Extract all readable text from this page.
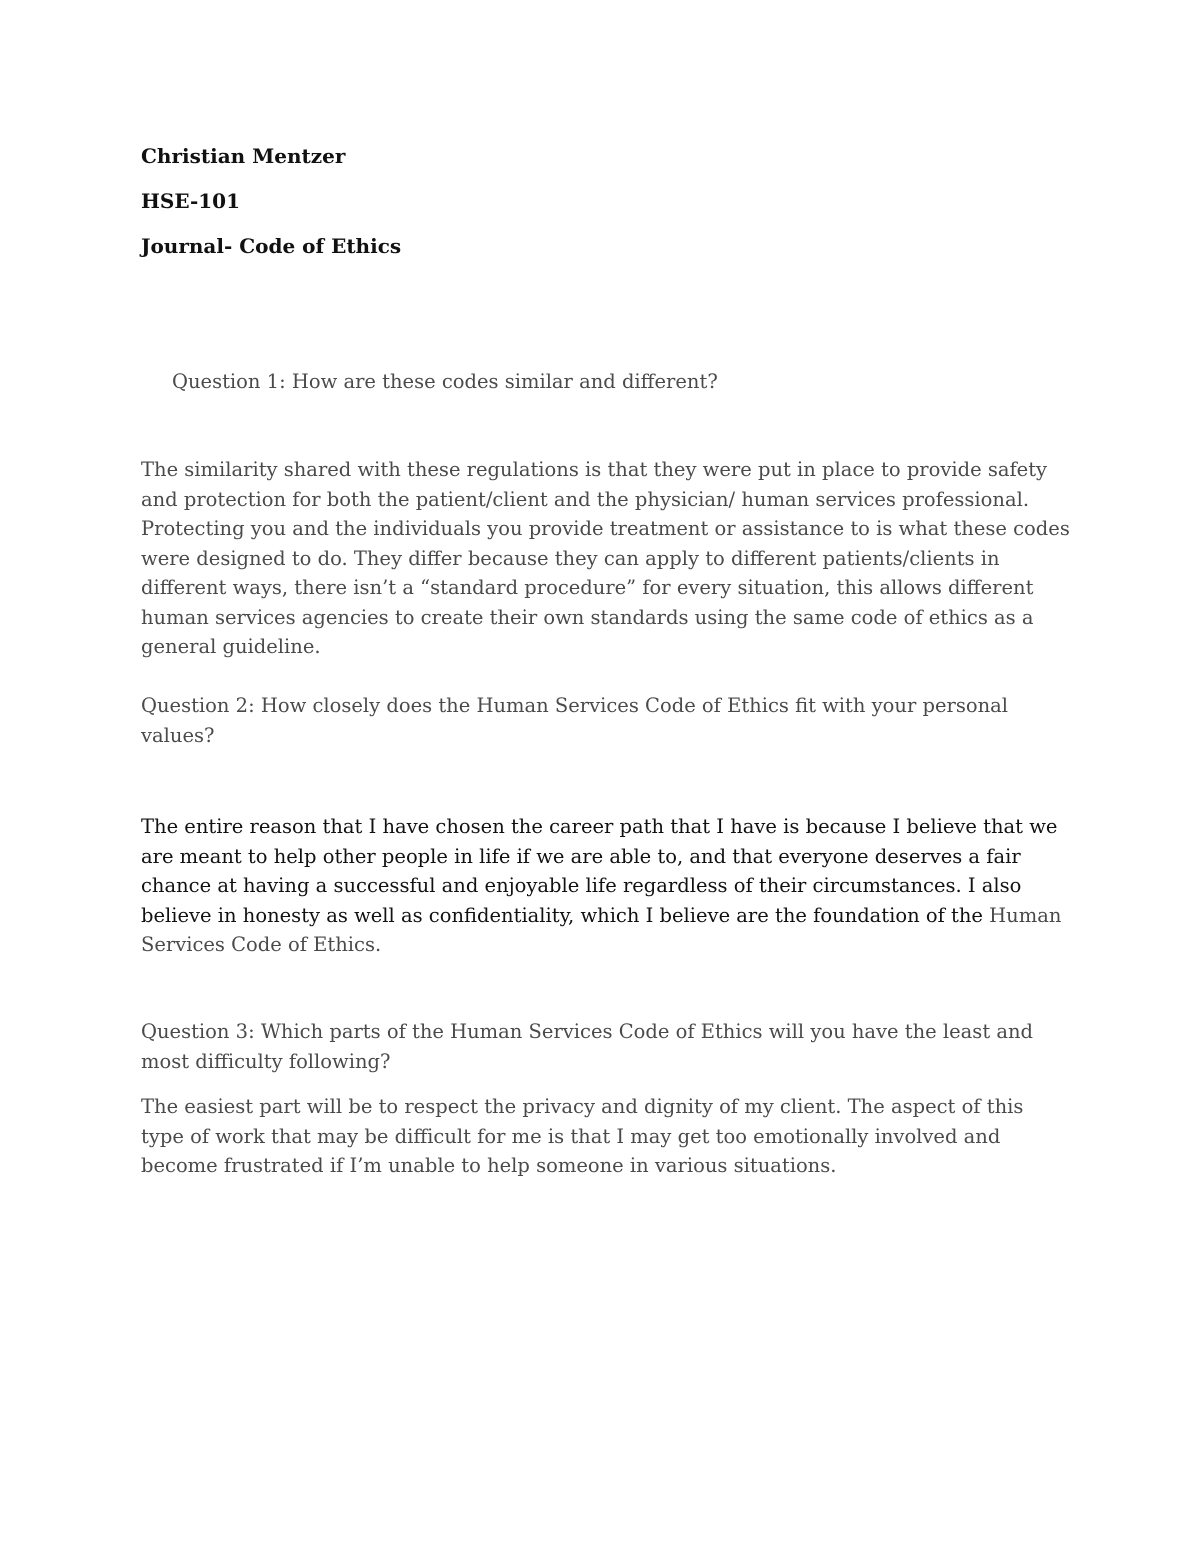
Christian Mentzer

HSE-101

Journal- Code of Ethics

Question 1: How are these codes similar and different?

The similarity shared with these regulations is that they were put in place to provide safety and protection for both the patient/client and the physician/ human services professional. Protecting you and the individuals you provide treatment or assistance to is what these codes were designed to do. They differ because they can apply to different patients/clients in different ways, there isn’t a “standard procedure” for every situation, this allows different human services agencies to create their own standards using the same code of ethics as a general guideline.

Question 2: How closely does the Human Services Code of Ethics fit with your personal values?

The entire reason that I have chosen the career path that I have is because I believe that we are meant to help other people in life if we are able to, and that everyone deserves a fair chance at having a successful and enjoyable life regardless of their circumstances. I also believe in honesty as well as confidentiality, which I believe are the foundation of the Human Services Code of Ethics.

Question 3: Which parts of the Human Services Code of Ethics will you have the least and most difficulty following?

The easiest part will be to respect the privacy and dignity of my client. The aspect of this type of work that may be difficult for me is that I may get too emotionally involved and become frustrated if I’m unable to help someone in various situations.
